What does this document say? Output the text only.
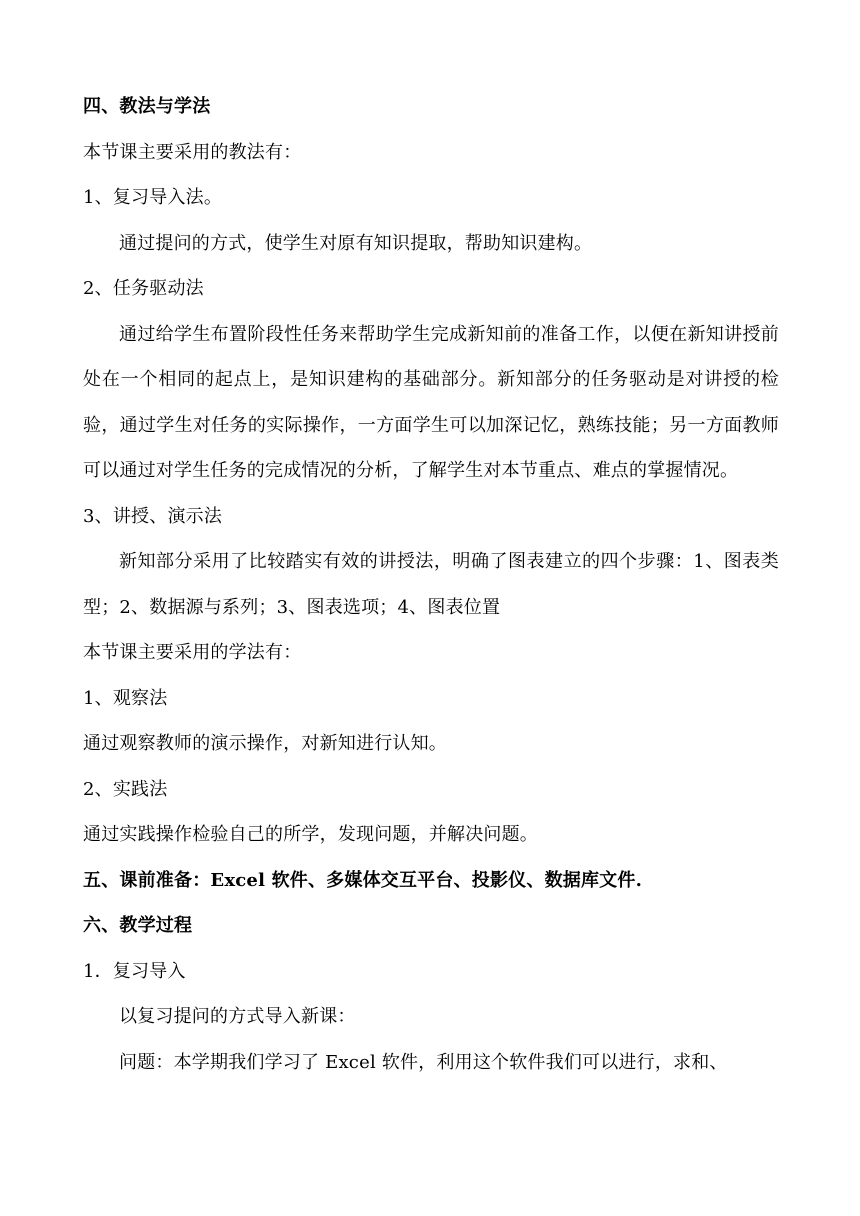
四、教法与学法

本节课主要采用的教法有：

1、复习导入法。

通过提问的方式，使学生对原有知识提取，帮助知识建构。

2、任务驱动法

通过给学生布置阶段性任务来帮助学生完成新知前的准备工作，以便在新知讲授前处在一个相同的起点上，是知识建构的基础部分。新知部分的任务驱动是对讲授的检验，通过学生对任务的实际操作，一方面学生可以加深记忆，熟练技能；另一方面教师可以通过对学生任务的完成情况的分析，了解学生对本节重点、难点的掌握情况。

3、讲授、演示法

新知部分采用了比较踏实有效的讲授法，明确了图表建立的四个步骤：1、图表类型；2、数据源与系列；3、图表选项；4、图表位置

本节课主要采用的学法有：

1、观察法

通过观察教师的演示操作，对新知进行认知。

2、实践法

通过实践操作检验自己的所学，发现问题，并解决问题。

五、课前准备：Excel 软件、多媒体交互平台、投影仪、数据库文件.

六、教学过程

1．复习导入

以复习提问的方式导入新课：

问题：本学期我们学习了 Excel 软件，利用这个软件我们可以进行，求和、
